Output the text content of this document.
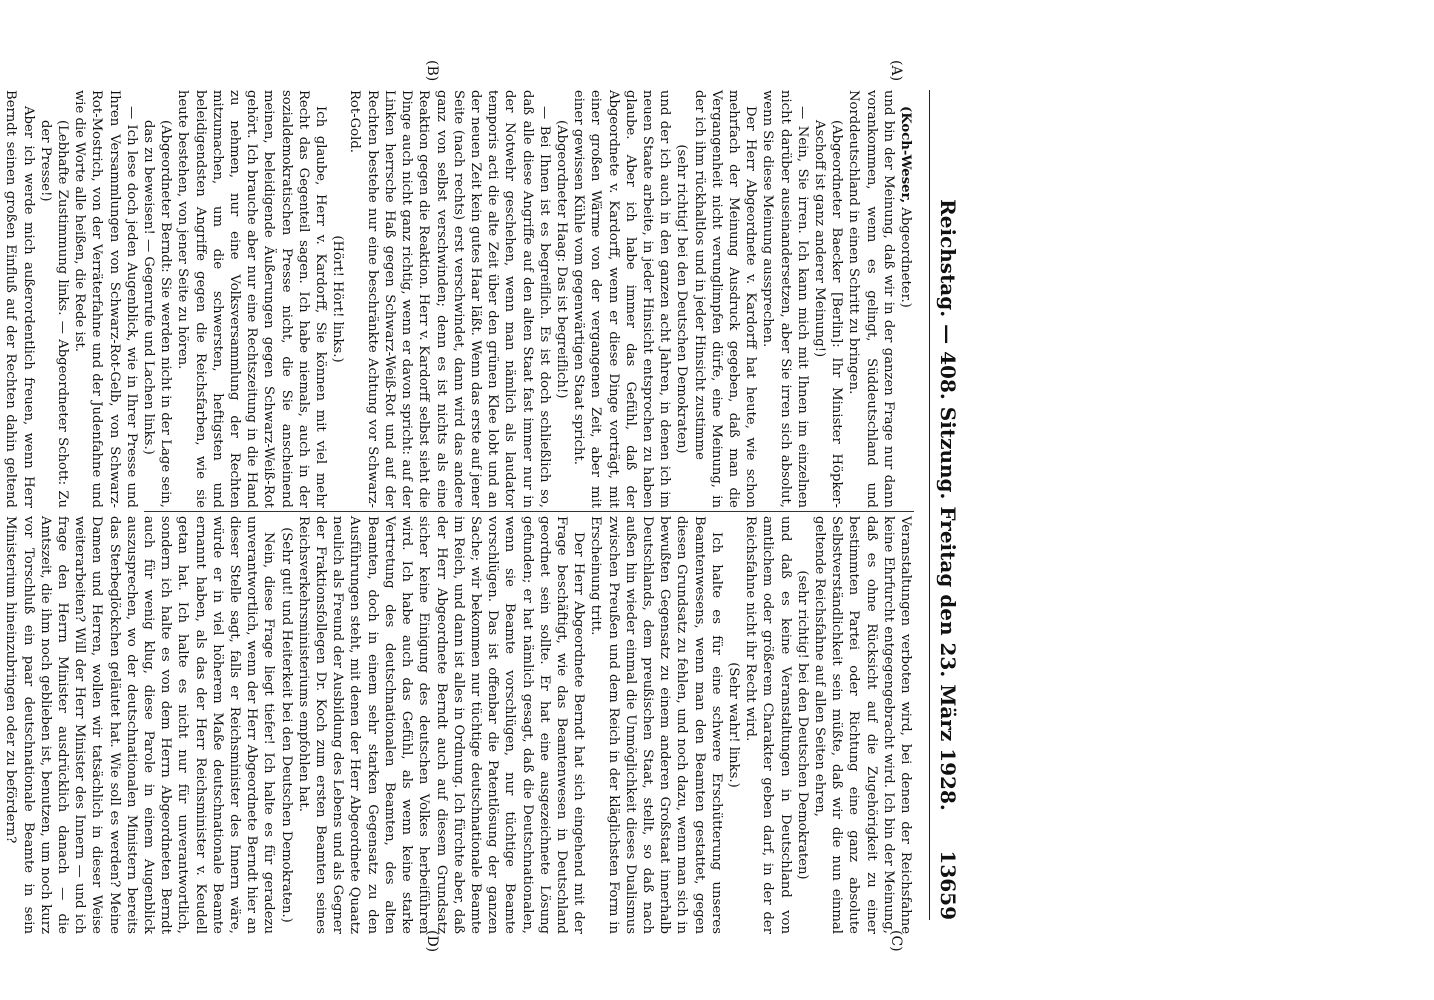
Reichstag. — 408. Sitzung. Freitag den 23. März 1928.
13659
(A)
(B)
(C)
(D)

(Koch-Weser, Abgeordneter.)

und bin der Meinung, daß wir in der ganzen Frage nur dann vorankommen, wenn es gelingt, Süddeutschland und Norddeutschland in einen Schritt zu bringen.

(Abgeordneter Baecker [Berlin]: Ihr Minister Höpker-Aschoff ist ganz anderer Meinung!)

— Nein, Sie irren. Ich kann mich mit Ihnen im einzelnen nicht darüber auseinandersetzen, aber Sie irren sich absolut, wenn Sie diese Meinung aussprechen.

Der Herr Abgeordnete v. Kardorff hat heute, wie schon mehrfach der Meinung Ausdruck gegeben, daß man die Vergangenheit nicht verunglimpfen dürfe, eine Meinung, in der ich ihm rückhaltlos und in jeder Hinsicht zustimme

(sehr richtig! bei den Deutschen Demokraten)

und der ich auch in den ganzen acht Jahren, in denen ich im neuen Staate arbeite, in jeder Hinsicht entsprochen zu haben glaube. Aber ich habe immer das Gefühl, daß der Abgeordnete v. Kardorff, wenn er diese Dinge vorträgt, mit einer großen Wärme von der vergangenen Zeit, aber mit einer gewissen Kühle vom gegenwärtigen Staat spricht.

(Abgeordneter Haag: Das ist begreiflich!)

— Bei Ihnen ist es begreiflich. Es ist doch schließlich so, daß alle diese Angriffe auf den alten Staat fast immer nur in der Notwehr geschehen, wenn man nämlich als laudator temporis acti die alte Zeit über den grünen Klee lobt und an der neuen Zeit kein gutes Haar läßt. Wenn das erste auf jener Seite (nach rechts) erst verschwindet, dann wird das andere ganz von selbst verschwinden; denn es ist nichts als eine Reaktion gegen die Reaktion. Herr v. Kardorff selbst sieht die Dinge auch nicht ganz richtig, wenn er davon spricht: auf der Linken herrsche Haß gegen Schwarz-Weiß-Rot und auf der Rechten bestehe nur eine beschränkte Achtung vor Schwarz-Rot-Gold.

(Hört! Hört! links.)

Ich glaube, Herr v. Kardorff, Sie können mit viel mehr Recht das Gegenteil sagen. Ich habe niemals, auch in der sozialdemokratischen Presse nicht, die Sie anscheinend meinen, beleidigende Äußerungen gegen Schwarz-Weiß-Rot gehört. Ich brauche aber nur eine Rechtszeitung in die Hand zu nehmen, nur eine Volksversammlung der Rechten mitzumachen, um die schwersten, heftigsten und beleidigendsten Angriffe gegen die Reichsfarben, wie sie heute bestehen, von jener Seite zu hören.

(Abgeordneter Berndt: Sie werden nicht in der Lage sein, das zu beweisen! — Gegenrufe und Lachen links.)

— Ich lese doch jeden Augenblick, wie in Ihrer Presse und Ihren Versammlungen von Schwarz-Rot-Gelb, von Schwarz-Rot-Mostrich, von der Verräterfahne und der Judenfahne und wie die Worte alle heißen, die Rede ist.

(Lebhafte Zustimmung links. — Abgeordneter Schott: Zu der Presse!)

Aber ich werde mich außerordentlich freuen, wenn Herr Berndt seinen großen Einfluß auf der Rechten dahin geltend

Veranstaltungen verboten wird, bei denen der Reichsfahne keine Ehrfurcht entgegengebracht wird. Ich bin der Meinung, daß es ohne Rücksicht auf die Zugehörigkeit zu einer bestimmten Partei oder Richtung eine ganz absolute Selbstverständlichkeit sein müßte, daß wir die nun einmal geltende Reichsfahne auf allen Seiten ehren,

(sehr richtig! bei den Deutschen Demokraten)

und daß es keine Veranstaltungen in Deutschland von amtlichem oder größerem Charakter geben darf, in der der Reichsfahne nicht ihr Recht wird.

(Sehr wahr! links.)

Ich halte es für eine schwere Erschütterung unseres Beamtenwesens, wenn man den Beamten gestattet, gegen diesen Grundsatz zu fehlen, und noch dazu, wenn man sich in bewußten Gegensatz zu einem anderen Großstaat innerhalb Deutschlands, dem preußischen Staat, stellt, so daß nach außen hin wieder einmal die Unmöglichkeit dieses Dualismus zwischen Preußen und dem Reich in der kläglichsten Form in Erscheinung tritt.

Der Herr Abgeordnete Berndt hat sich eingehend mit der Frage beschäftigt, wie das Beamtenwesen in Deutschland geordnet sein sollte. Er hat eine ausgezeichnete Lösung gefunden; er hat nämlich gesagt, daß die Deutschnationalen, wenn sie Beamte vorschlügen, nur tüchtige Beamte vorschlügen. Das ist offenbar die Patentlösung der ganzen Sache; wir bekommen nur tüchtige deutschnationale Beamte im Reich, und dann ist alles in Ordnung. Ich fürchte aber, daß der Herr Abgeordnete Berndt auch auf diesem Grundsatz sicher keine Einigung des deutschen Volkes herbeiführen wird. Ich habe auch das Gefühl, als wenn keine starke Vertretung des deutschnationalen Beamten, des alten Beamten, doch in einem sehr starken Gegensatz zu den Ausführungen steht, mit denen der Herr Abgeordnete Quaatz neulich als Freund der Ausbildung des Lebens und als Gegner der Fraktionsfollegen Dr. Koch zum ersten Beamten seines Reichsverkehrsministeriums empfohlen hat.

(Sehr gut! und Heiterkeit bei den Deutschen Demokraten.)

Nein, diese Frage liegt tiefer! Ich halte es für geradezu unverantwortlich, wenn der Herr Abgeordnete Berndt hier an dieser Stelle sagt, falls er Reichsminister des Innern wäre, würde er in viel höherem Maße deutschnationale Beamte ernannt haben, als das der Herr Reichsminister v. Keudell getan hat. Ich halte es nicht nur für unverantwortlich, sondern ich halte es von dem Herrn Abgeordneten Berndt auch für wenig klug, diese Parole in einem Augenblick auszusprechen, wo der deutschnationalen Ministern bereits das Sterbeglöckchen geläutet hat. Wie soll es werden? Meine Damen und Herren, wollen wir tatsächlich in dieser Weise weiterarbeiten? Will der Herr Minister des Innern — und ich frage den Herrn Minister ausdrücklich danach — die Amtszeit, die ihm noch geblieben ist, benutzen, um noch kurz vor Torschluß ein paar deutschnationale Beamte in sein Ministerium hineinzubringen oder zu befördern?
